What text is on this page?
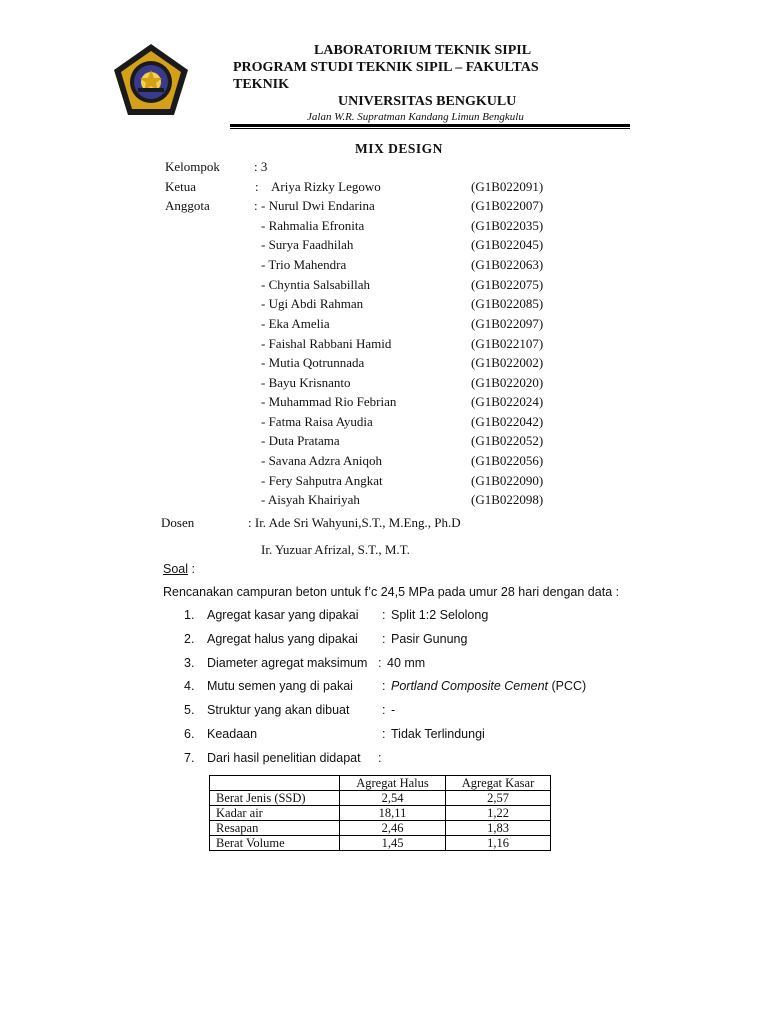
LABORATORIUM TEKNIK SIPIL
PROGRAM STUDI TEKNIK SIPIL – FAKULTAS
TEKNIK
UNIVERSITAS BENGKULU
Jalan W.R. Supratman Kandang Limun Bengkulu
MIX DESIGN
Kelompok	: 3
Ketua	: Ariya Rizky Legowo	(G1B022091)
Anggota	: - Nurul Dwi Endarina	(G1B022007)
- Rahmalia Efronita	(G1B022035)
- Surya Faadhilah	(G1B022045)
- Trio Mahendra	(G1B022063)
- Chyntia Salsabillah	(G1B022075)
- Ugi Abdi Rahman	(G1B022085)
- Eka Amelia	(G1B022097)
- Faishal Rabbani Hamid	(G1B022107)
- Mutia Qotrunnada	(G1B022002)
- Bayu Krisnanto	(G1B022020)
- Muhammad Rio Febrian	(G1B022024)
- Fatma Raisa Ayudia	(G1B022042)
- Duta Pratama	(G1B022052)
- Savana Adzra Aniqoh	(G1B022056)
- Fery Sahputra Angkat	(G1B022090)
- Aisyah Khairiyah	(G1B022098)
Dosen	: Ir. Ade Sri Wahyuni,S.T., M.Eng., Ph.D
Ir. Yuzuar Afrizal, S.T., M.T.
Soal :
Rencanakan campuran beton untuk f’c 24,5 MPa pada umur 28 hari dengan data :
1. Agregat kasar yang dipakai : Split 1:2 Selolong
2. Agregat halus yang dipakai : Pasir Gunung
3. Diameter agregat maksimum : 40 mm
4. Mutu semen yang di pakai : Portland Composite Cement (PCC)
5. Struktur yang akan dibuat	: -
6. Keadaan	: Tidak Terlindungi
7. Dari hasil penelitian didapat :
	Agregat Halus	Agregat Kasar
Berat Jenis (SSD)	2,54	2,57
Kadar air	18,11	1,22
Resapan	2,46	1,83
Berat Volume	1,45	1,16
